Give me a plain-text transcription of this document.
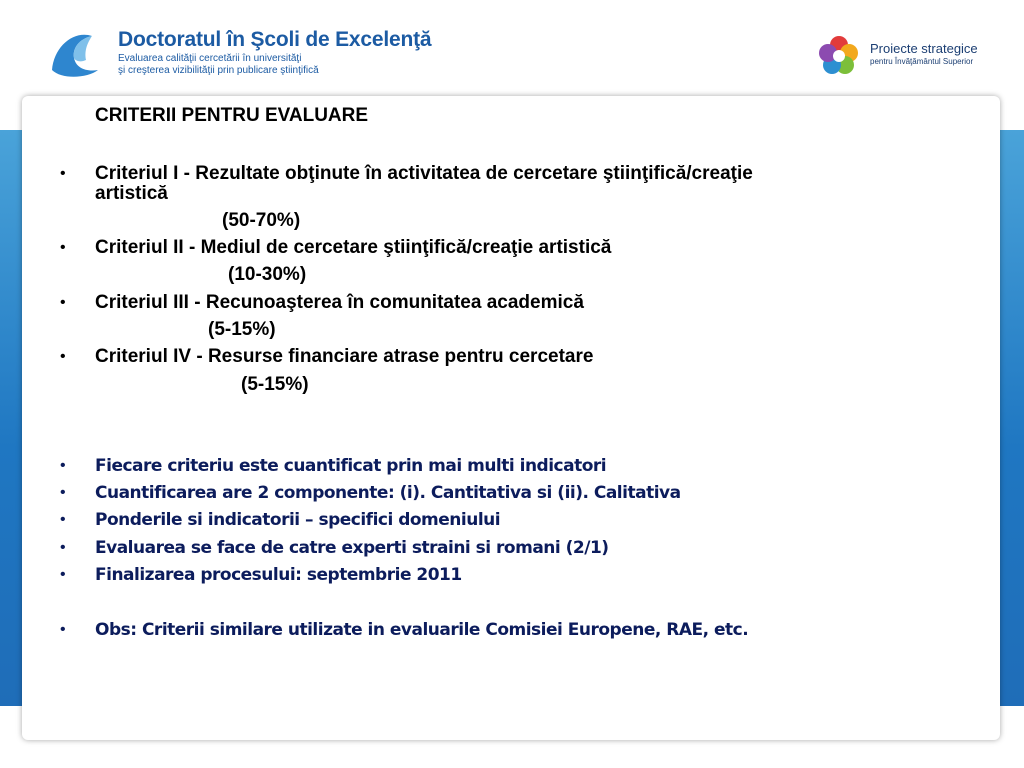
Doctoratul în Şcoli de Excelenţă
Evaluarea calităţii cercetării în universităţi
şi creşterea vizibilităţii prin publicare ştiinţifică
Proiecte strategice
pentru Învăţământul Superior
CRITERII PENTRU EVALUARE
• Criteriul I - Rezultate obţinute în activitatea de cercetare ştiinţifică/creaţie
artistică
(50-70%)
• Criteriul II - Mediul de cercetare ştiinţifică/creaţie artistică
(10-30%)
• Criteriul III - Recunoaşterea în comunitatea academică
(5-15%)
• Criteriul IV - Resurse financiare atrase pentru cercetare
(5-15%)
• Fiecare criteriu este cuantificat prin mai multi indicatori
• Cuantificarea are 2 componente: (i). Cantitativa si (ii). Calitativa
• Ponderile si indicatorii – specifici domeniului
• Evaluarea se face de catre experti straini si romani (2/1)
• Finalizarea procesului: septembrie 2011
• Obs: Criterii similare utilizate in evaluarile Comisiei Europene, RAE, etc.
